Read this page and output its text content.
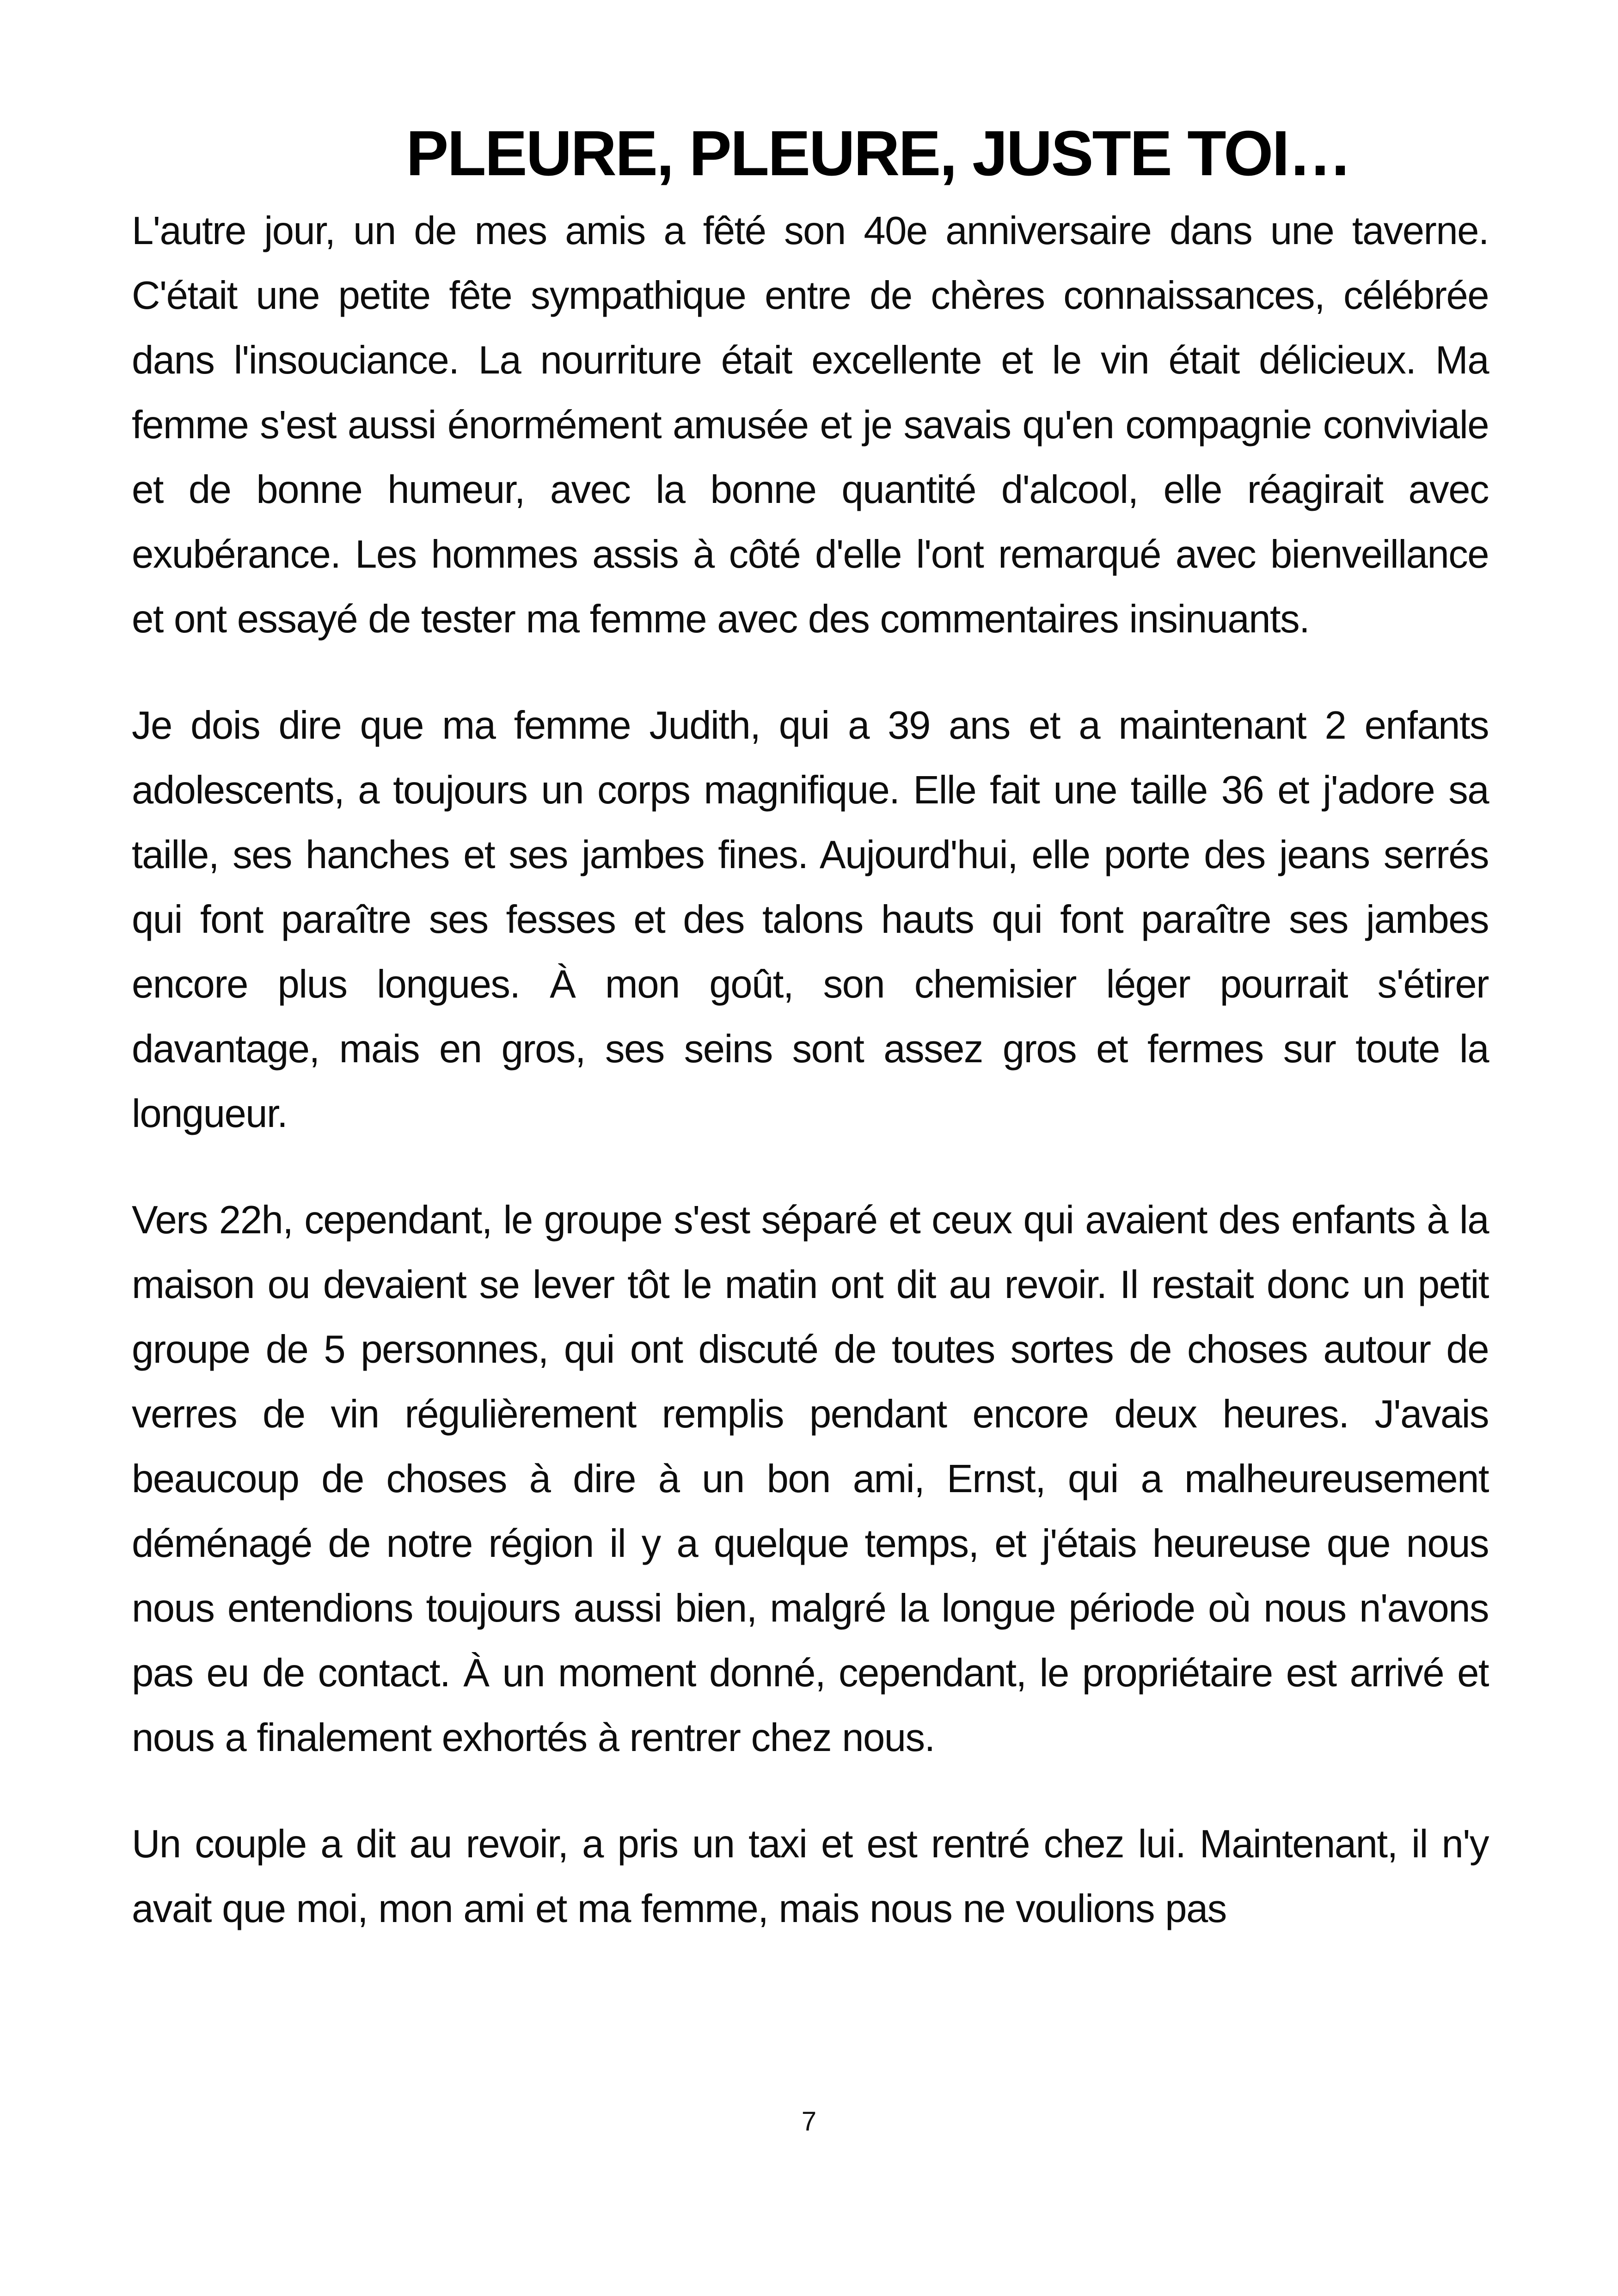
PLEURE, PLEURE, JUSTE TOI…

L'autre jour, un de mes amis a fêté son 40e anniversaire dans une taverne. C'était une petite fête sympathique entre de chères connaissances, célébrée dans l'insouciance. La nourriture était excellente et le vin était délicieux. Ma femme s'est aussi énormément amusée et je savais qu'en compagnie conviviale et de bonne humeur, avec la bonne quantité d'alcool, elle réagirait avec exubérance. Les hommes assis à côté d'elle l'ont remarqué avec bienveillance et ont essayé de tester ma femme avec des commentaires insinuants.

Je dois dire que ma femme Judith, qui a 39 ans et a maintenant 2 enfants adolescents, a toujours un corps magnifique. Elle fait une taille 36 et j'adore sa taille, ses hanches et ses jambes fines. Aujourd'hui, elle porte des jeans serrés qui font paraître ses fesses et des talons hauts qui font paraître ses jambes encore plus longues. À mon goût, son chemisier léger pourrait s'étirer davantage, mais en gros, ses seins sont assez gros et fermes sur toute la longueur.

Vers 22h, cependant, le groupe s'est séparé et ceux qui avaient des enfants à la maison ou devaient se lever tôt le matin ont dit au revoir. Il restait donc un petit groupe de 5 personnes, qui ont discuté de toutes sortes de choses autour de verres de vin régulièrement remplis pendant encore deux heures. J'avais beaucoup de choses à dire à un bon ami, Ernst, qui a malheureusement déménagé de notre région il y a quelque temps, et j'étais heureuse que nous nous entendions toujours aussi bien, malgré la longue période où nous n'avons pas eu de contact. À un moment donné, cependant, le propriétaire est arrivé et nous a finalement exhortés à rentrer chez nous.

Un couple a dit au revoir, a pris un taxi et est rentré chez lui. Maintenant, il n'y avait que moi, mon ami et ma femme, mais nous ne voulions pas

7
